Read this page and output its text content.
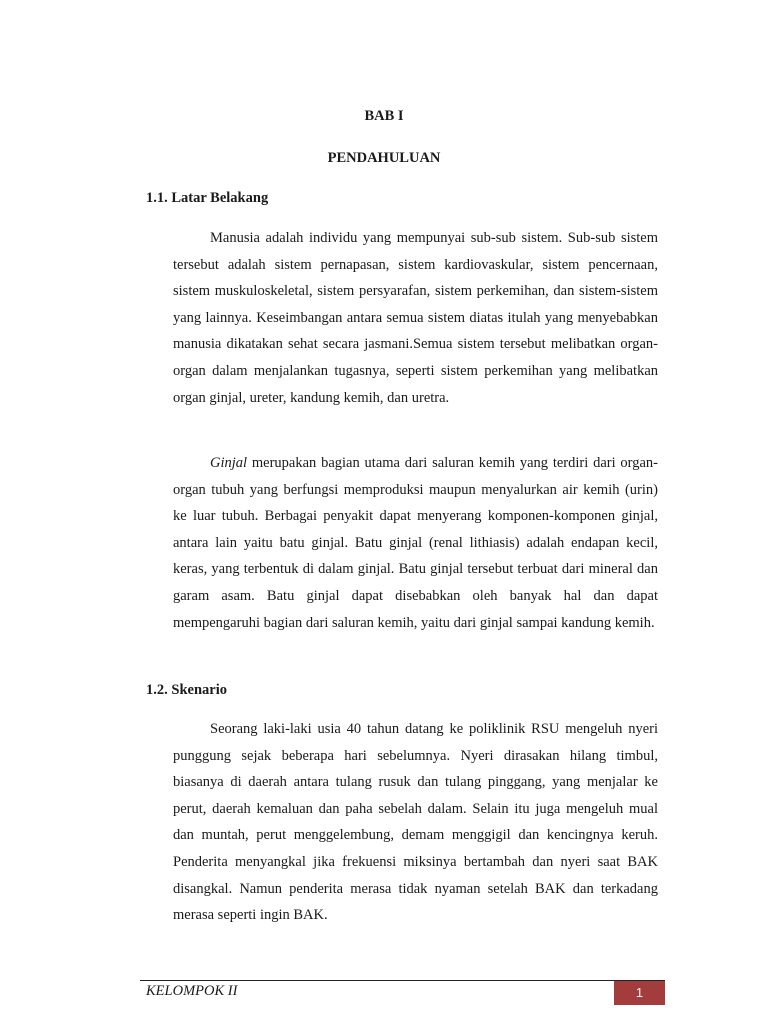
BAB I
PENDAHULUAN
1.1. Latar Belakang

Manusia adalah individu yang mempunyai sub-sub sistem. Sub-sub sistem tersebut adalah sistem pernapasan, sistem kardiovaskular, sistem pencernaan, sistem muskuloskeletal, sistem persyarafan, sistem perkemihan, dan sistem-sistem yang lainnya. Keseimbangan antara semua sistem diatas itulah yang menyebabkan manusia dikatakan sehat secara jasmani.Semua sistem tersebut melibatkan organ-organ dalam menjalankan tugasnya, seperti sistem perkemihan yang melibatkan organ ginjal, ureter, kandung kemih, dan uretra.

Ginjal merupakan bagian utama dari saluran kemih yang terdiri dari organ-organ tubuh yang berfungsi memproduksi maupun menyalurkan air kemih (urin) ke luar tubuh. Berbagai penyakit dapat menyerang komponen-komponen ginjal, antara lain yaitu batu ginjal. Batu ginjal (renal lithiasis) adalah endapan kecil, keras, yang terbentuk di dalam ginjal. Batu ginjal tersebut terbuat dari mineral dan garam asam. Batu ginjal dapat disebabkan oleh banyak hal dan dapat mempengaruhi bagian dari saluran kemih, yaitu dari ginjal sampai kandung kemih.

1.2. Skenario

Seorang laki-laki usia 40 tahun datang ke poliklinik RSU mengeluh nyeri punggung sejak beberapa hari sebelumnya. Nyeri dirasakan hilang timbul, biasanya di daerah antara tulang rusuk dan tulang pinggang, yang menjalar ke perut, daerah kemaluan dan paha sebelah dalam. Selain itu juga mengeluh mual dan muntah, perut menggelembung, demam menggigil dan kencingnya keruh. Penderita menyangkal jika frekuensi miksinya bertambah dan nyeri saat BAK disangkal. Namun penderita merasa tidak nyaman setelah BAK dan terkadang merasa seperti ingin BAK.

KELOMPOK II	1
